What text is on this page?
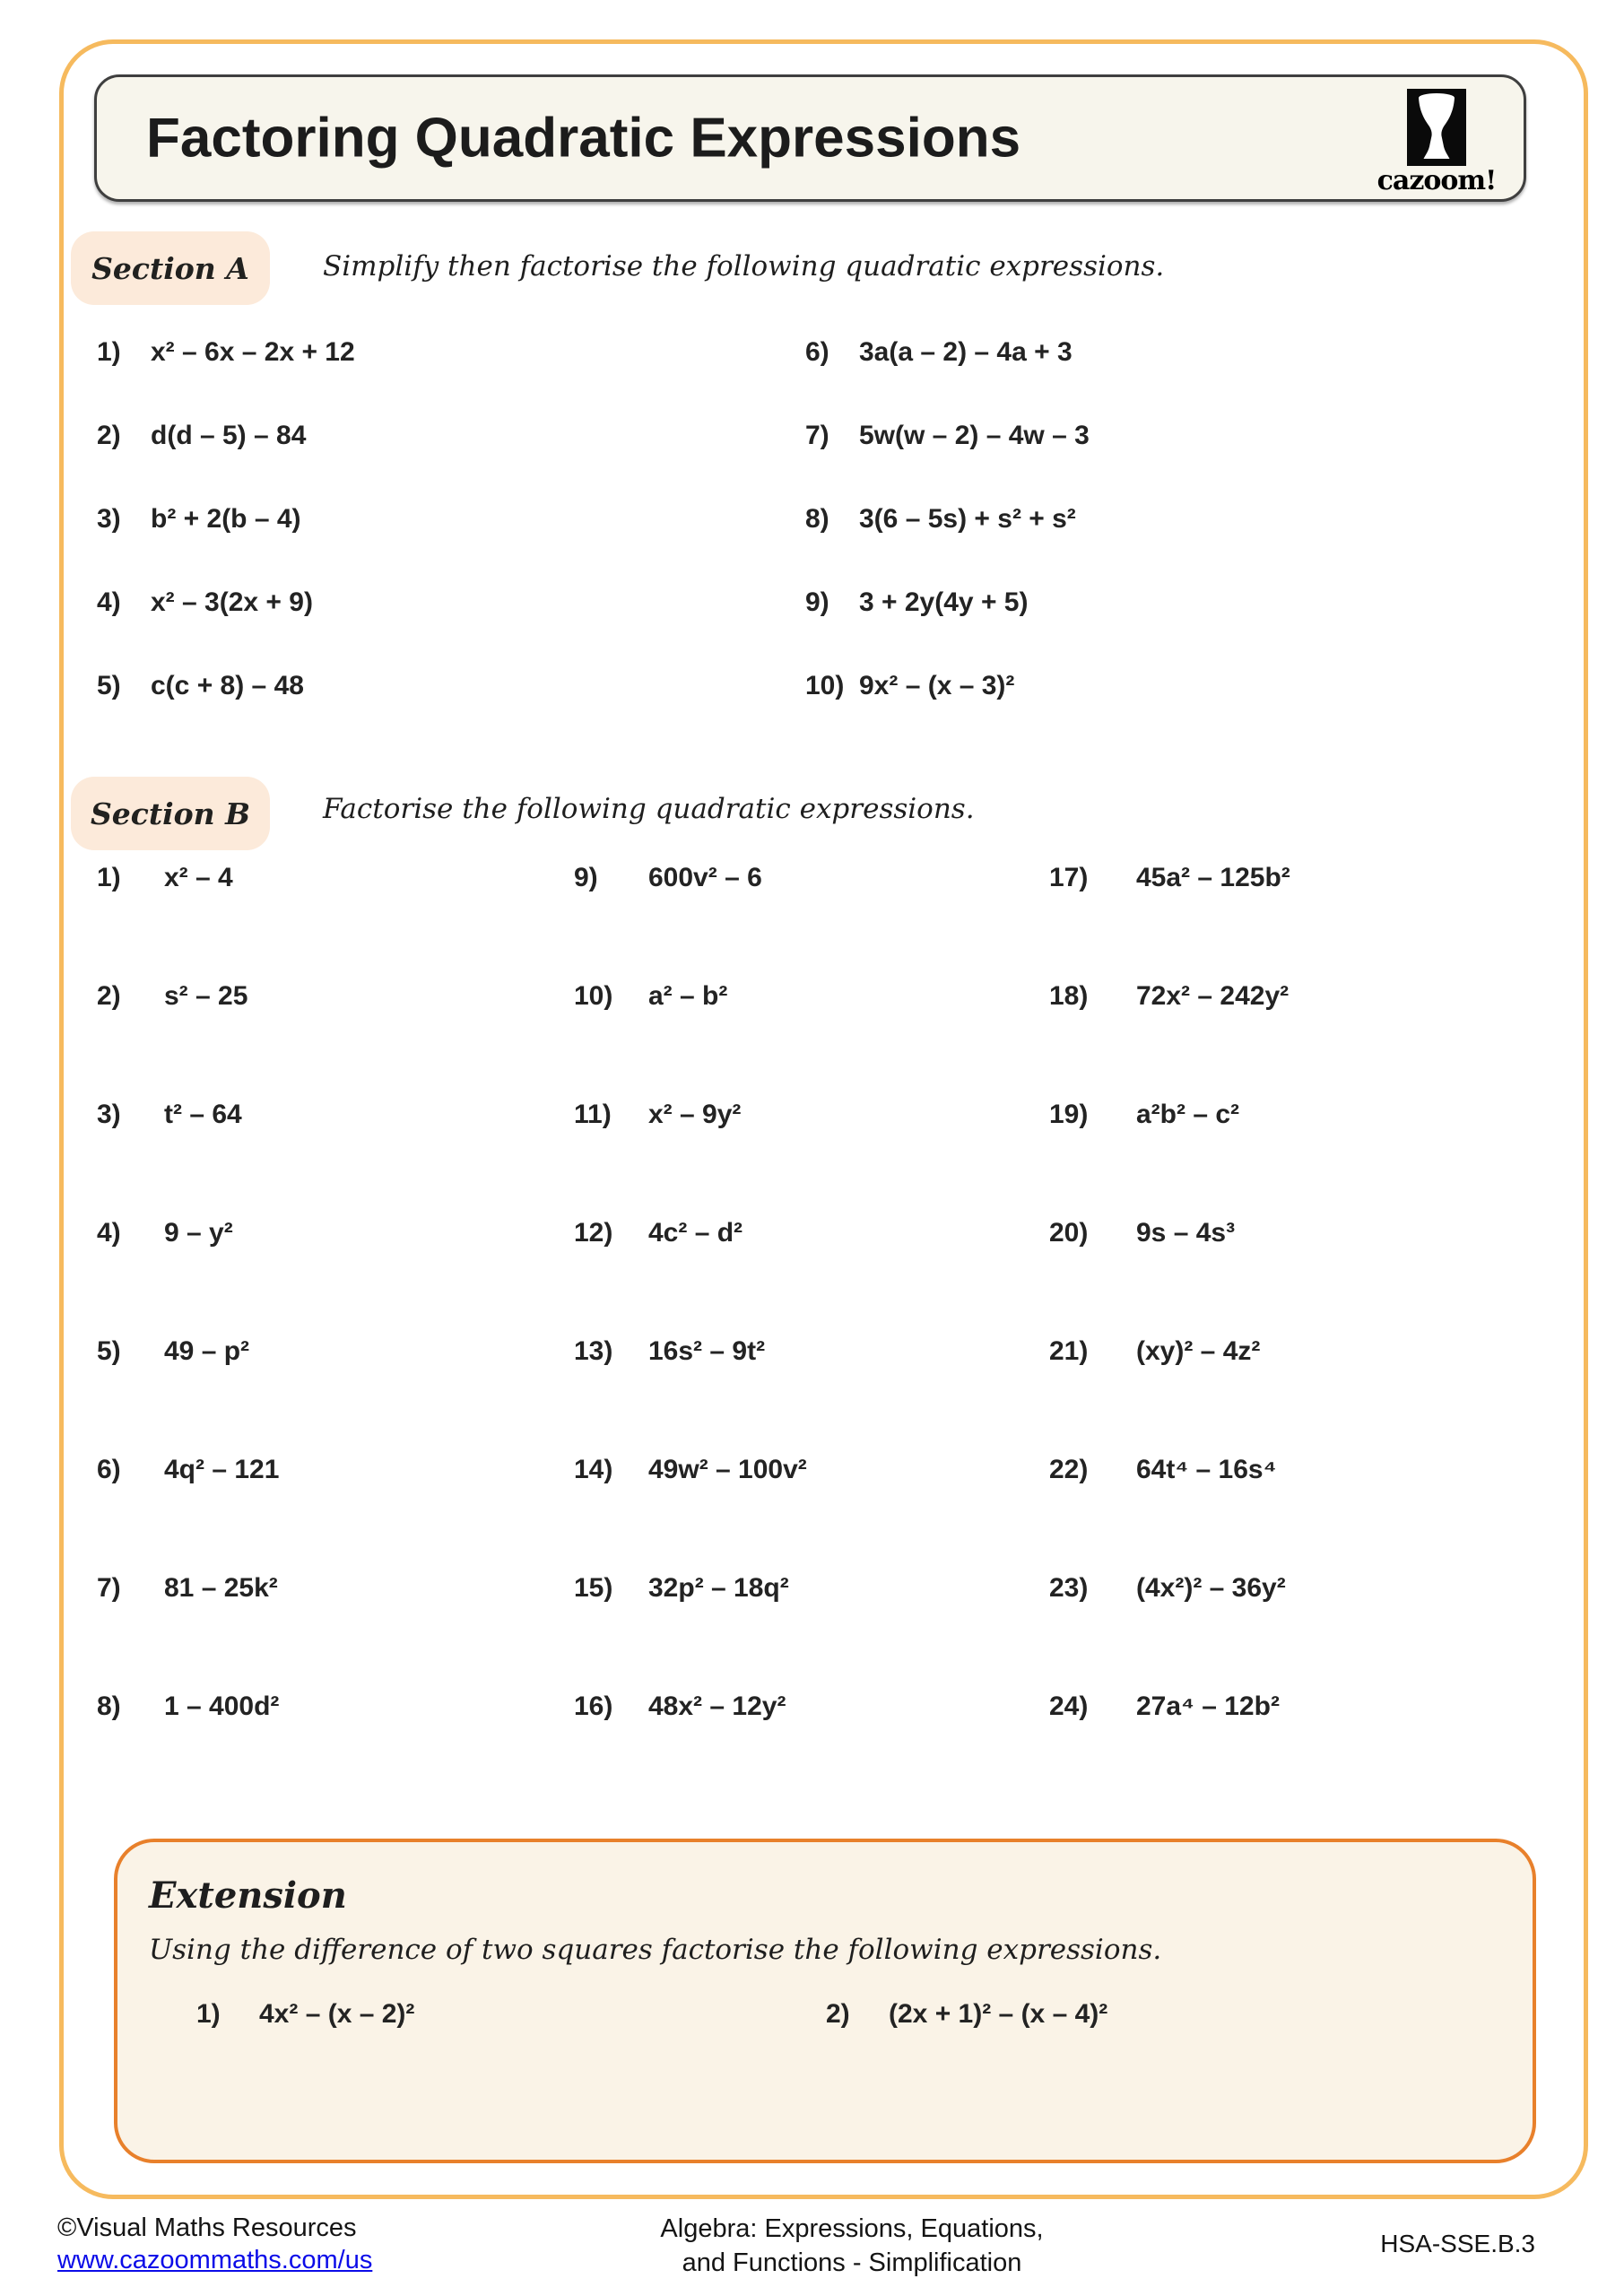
Factoring Quadratic Expressions
cazoom!
Section A	Simplify then factorise the following quadratic expressions.
1)	x² – 6x – 2x + 12
2)	d(d – 5) – 84
3)	b² + 2(b – 4)
4)	x² – 3(2x + 9)
5)	c(c + 8) – 48
6)	3a(a – 2) – 4a + 3
7)	5w(w – 2) – 4w – 3
8)	3(6 – 5s) + s² + s²
9)	3 + 2y(4y + 5)
10) 9x² – (x – 3)²
Section B	Factorise the following quadratic expressions.
1)	x² – 4
2)	s² – 25
3)	t² – 64
4)	9 – y²
5)	49 – p²
6)	4q² – 121
7)	81 – 25k²
8)	1 – 400d²
9)	600v² – 6
10)	a² – b²
11)	x² – 9y²
12)	4c² – d²
13)	16s² – 9t²
14)	49w² – 100v²
15)	32p² – 18q²
16)	48x² – 12y²
17)	45a² – 125b²
18)	72x² – 242y²
19)	a²b² – c²
20)	9s – 4s³
21)	(xy)² – 4z²
22)	64t⁴ – 16s⁴
23)	(4x²)² – 36y²
24)	27a⁴ – 12b²
Extension
Using the difference of two squares factorise the following expressions.
1)	4x² – (x – 2)²	2)	(2x + 1)² – (x – 4)²
©Visual Maths Resources
www.cazoommaths.com/us
Algebra: Expressions, Equations,
and Functions - Simplification
HSA-SSE.B.3
